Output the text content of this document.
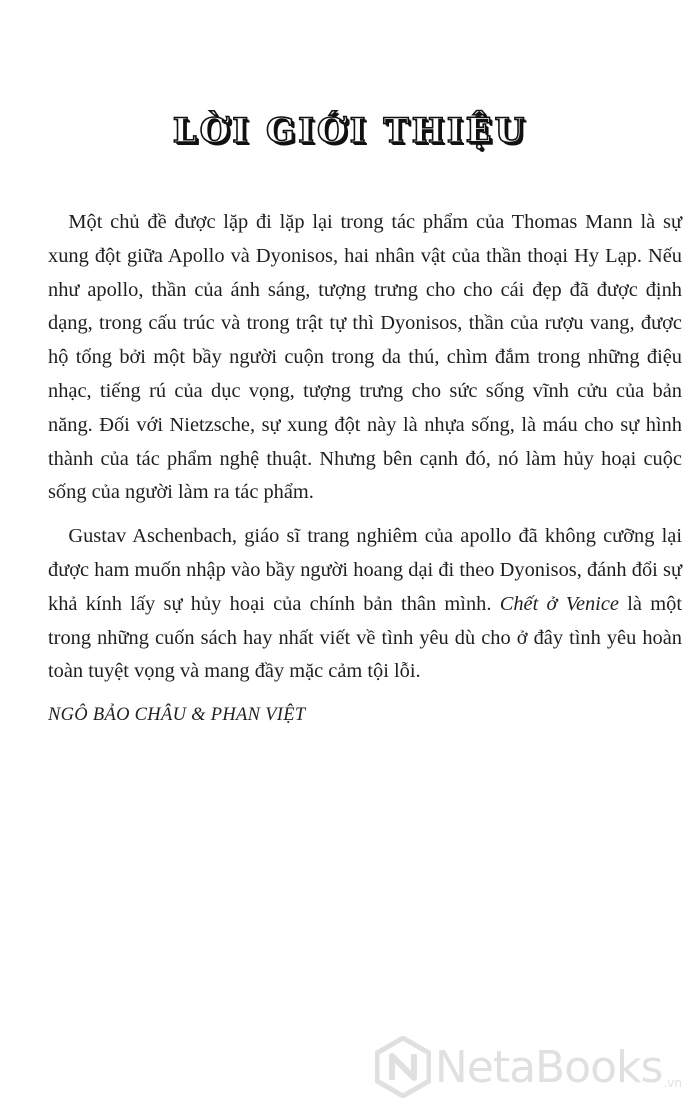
LỜI GIỚI THIỆU

 Một chủ đề được lặp đi lặp lại trong tác phẩm của Thomas Mann là sự xung đột giữa Apollo và Dyonisos, hai nhân vật của thần thoại Hy Lạp. Nếu như apollo, thần của ánh sáng, tượng trưng cho cho cái đẹp đã được định dạng, trong cấu trúc và trong trật tự thì Dyonisos, thần của rượu vang, được hộ tống bởi một bầy người cuộn trong da thú, chìm đắm trong những điệu nhạc, tiếng rú của dục vọng, tượng trưng cho sức sống vĩnh cửu của bản năng. Đối với Nietzsche, sự xung đột này là nhựa sống, là máu cho sự hình thành của tác phẩm nghệ thuật. Nhưng bên cạnh đó, nó làm hủy hoại cuộc sống của người làm ra tác phẩm.

 Gustav Aschenbach, giáo sĩ trang nghiêm của apollo đã không cưỡng lại được ham muốn nhập vào bầy người hoang dại đi theo Dyonisos, đánh đổi sự khả kính lấy sự hủy hoại của chính bản thân mình. Chết ở Venice là một trong những cuốn sách hay nhất viết về tình yêu dù cho ở đây tình yêu hoàn toàn tuyệt vọng và mang đầy mặc cảm tội lỗi.

NGÔ BẢO CHÂU & PHAN VIỆT
NetaBooks .vn
